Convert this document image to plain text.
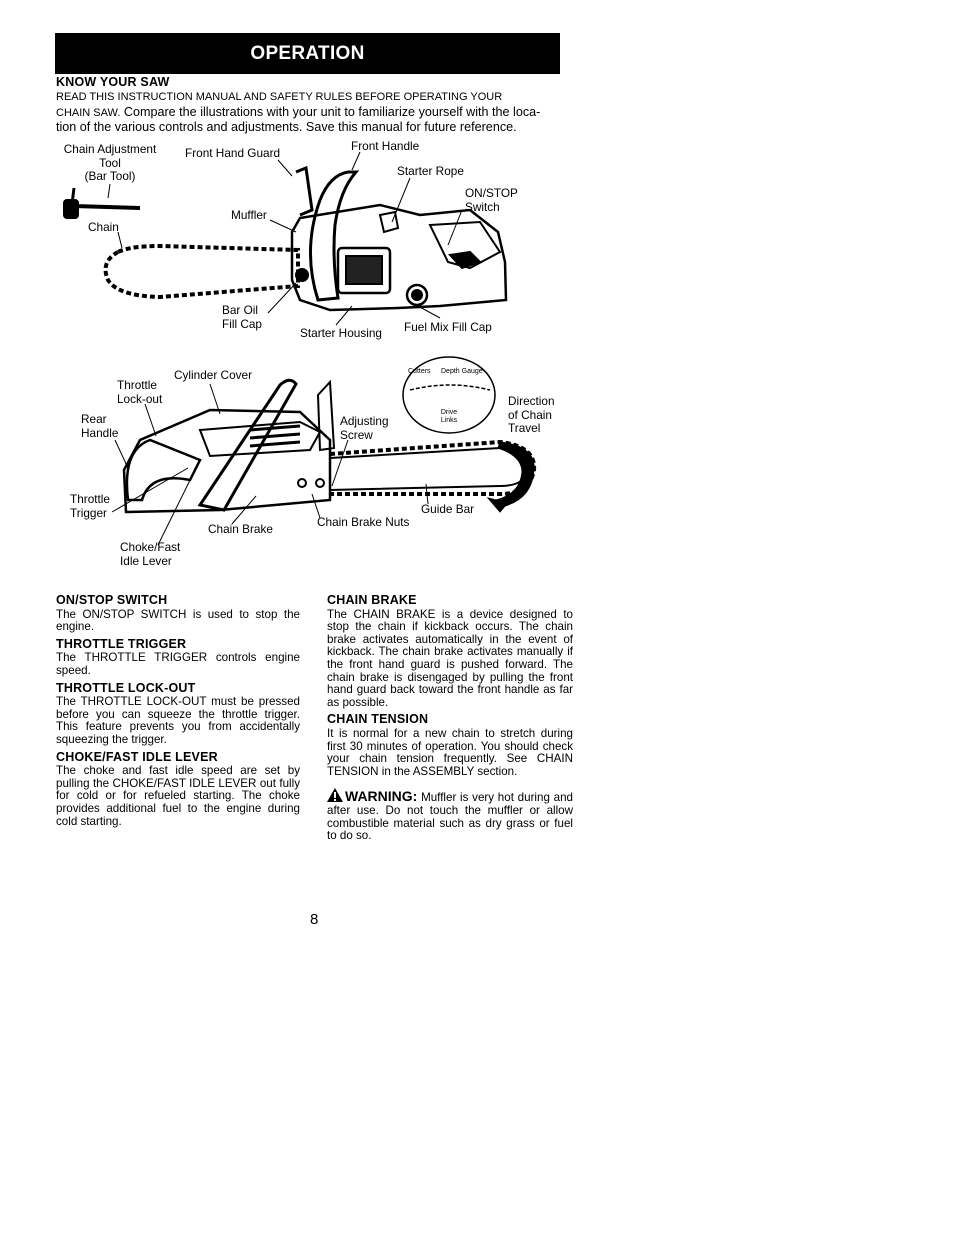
OPERATION
KNOW YOUR SAW
READ THIS INSTRUCTION MANUAL AND SAFETY RULES BEFORE OPERATING YOUR
CHAIN SAW. Compare the illustrations with your unit to familiarize yourself with the loca-
tion of the various controls and adjustments. Save this manual for future reference.
Chain Adjustment
Tool
(Bar Tool)
Front Hand Guard	Front Handle
Starter Rope
ON/STOP
Switch
Muffler
Chain
Bar Oil
Fill Cap
Starter Housing Fuel Mix Fill Cap
Cylinder Cover
Throttle
Lock-out
Rear
Handle
Adjusting
Screw
Cutters Depth Gauge
Drive
Links
Direction
of Chain
Travel
Throttle
Trigger
Chain Brake	Chain Brake Nuts
Guide Bar
Choke/Fast
Idle Lever
ON/STOP SWITCH

The ON/STOP SWITCH is used to stop the engine.

THROTTLE TRIGGER

The THROTTLE TRIGGER controls engine speed.

THROTTLE LOCK-OUT

The THROTTLE LOCK-OUT must be pressed before you can squeeze the throttle trigger. This feature prevents you from accidentally squeezing the trigger.

CHOKE/FAST IDLE LEVER

The choke and fast idle speed are set by pulling the CHOKE/FAST IDLE LEVER out fully for cold or for refueled starting. The choke provides additional fuel to the engine during cold starting.

CHAIN BRAKE

The CHAIN BRAKE is a device designed to stop the chain if kickback occurs. The chain brake activates automatically in the event of kickback. The chain brake activates manually if the front hand guard is pushed forward. The chain brake is disengaged by pulling the front hand guard back toward the front handle as far as possible.

CHAIN TENSION

It is normal for a new chain to stretch during first 30 minutes of operation. You should check your chain tension frequently. See CHAIN TENSION in the ASSEMBLY section.

WARNING: Muffler is very hot during and after use. Do not touch the muffler or allow combustible material such as dry grass or fuel to do so.

8
